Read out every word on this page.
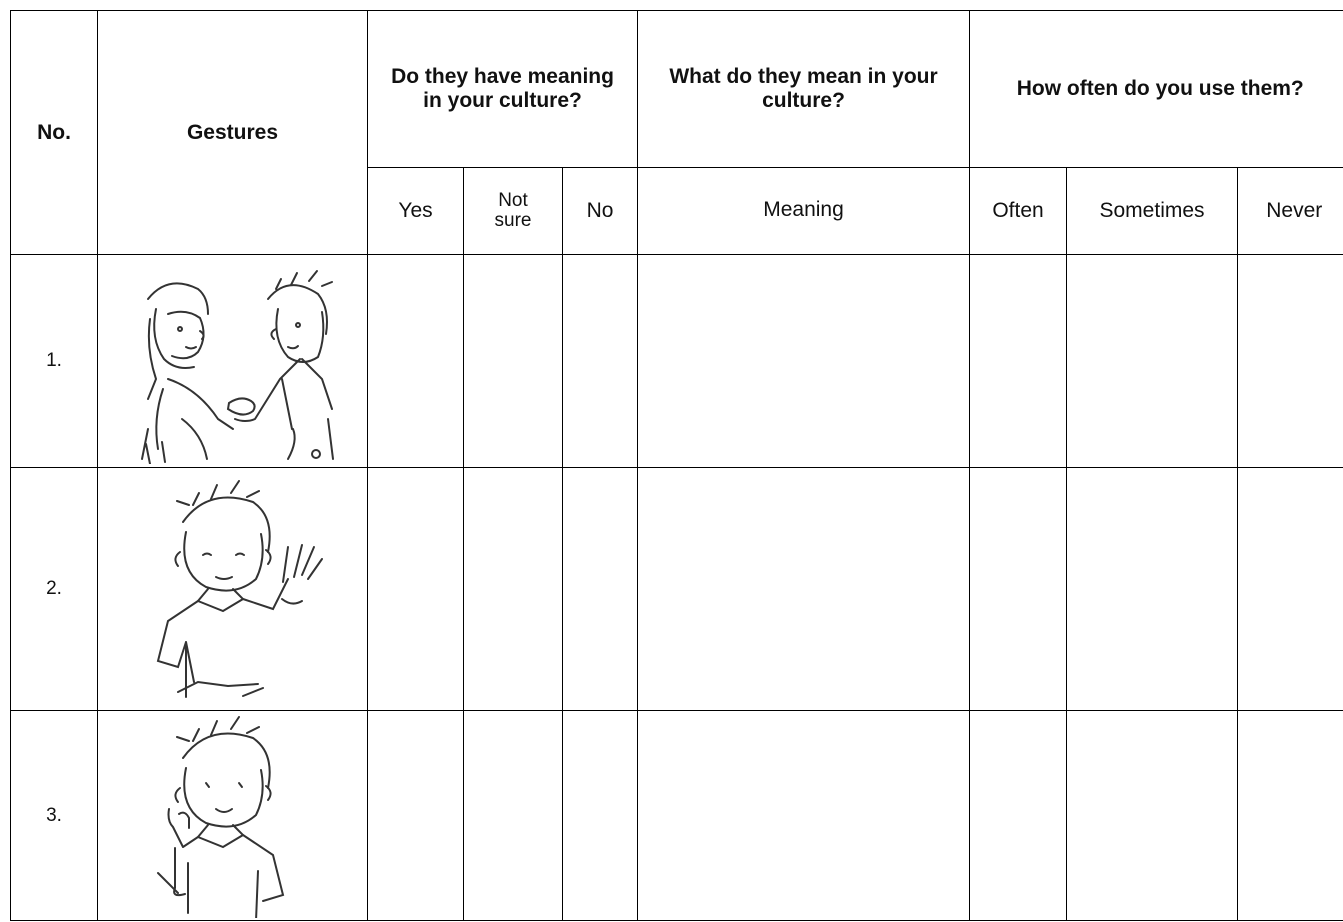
No.	Gestures	Do they have meaning in your culture?			What do they mean in your culture?	How often do you use them?		
		Yes	Not sure	No	Meaning	Often	Sometimes	Never
1.	

2.	

3.	
